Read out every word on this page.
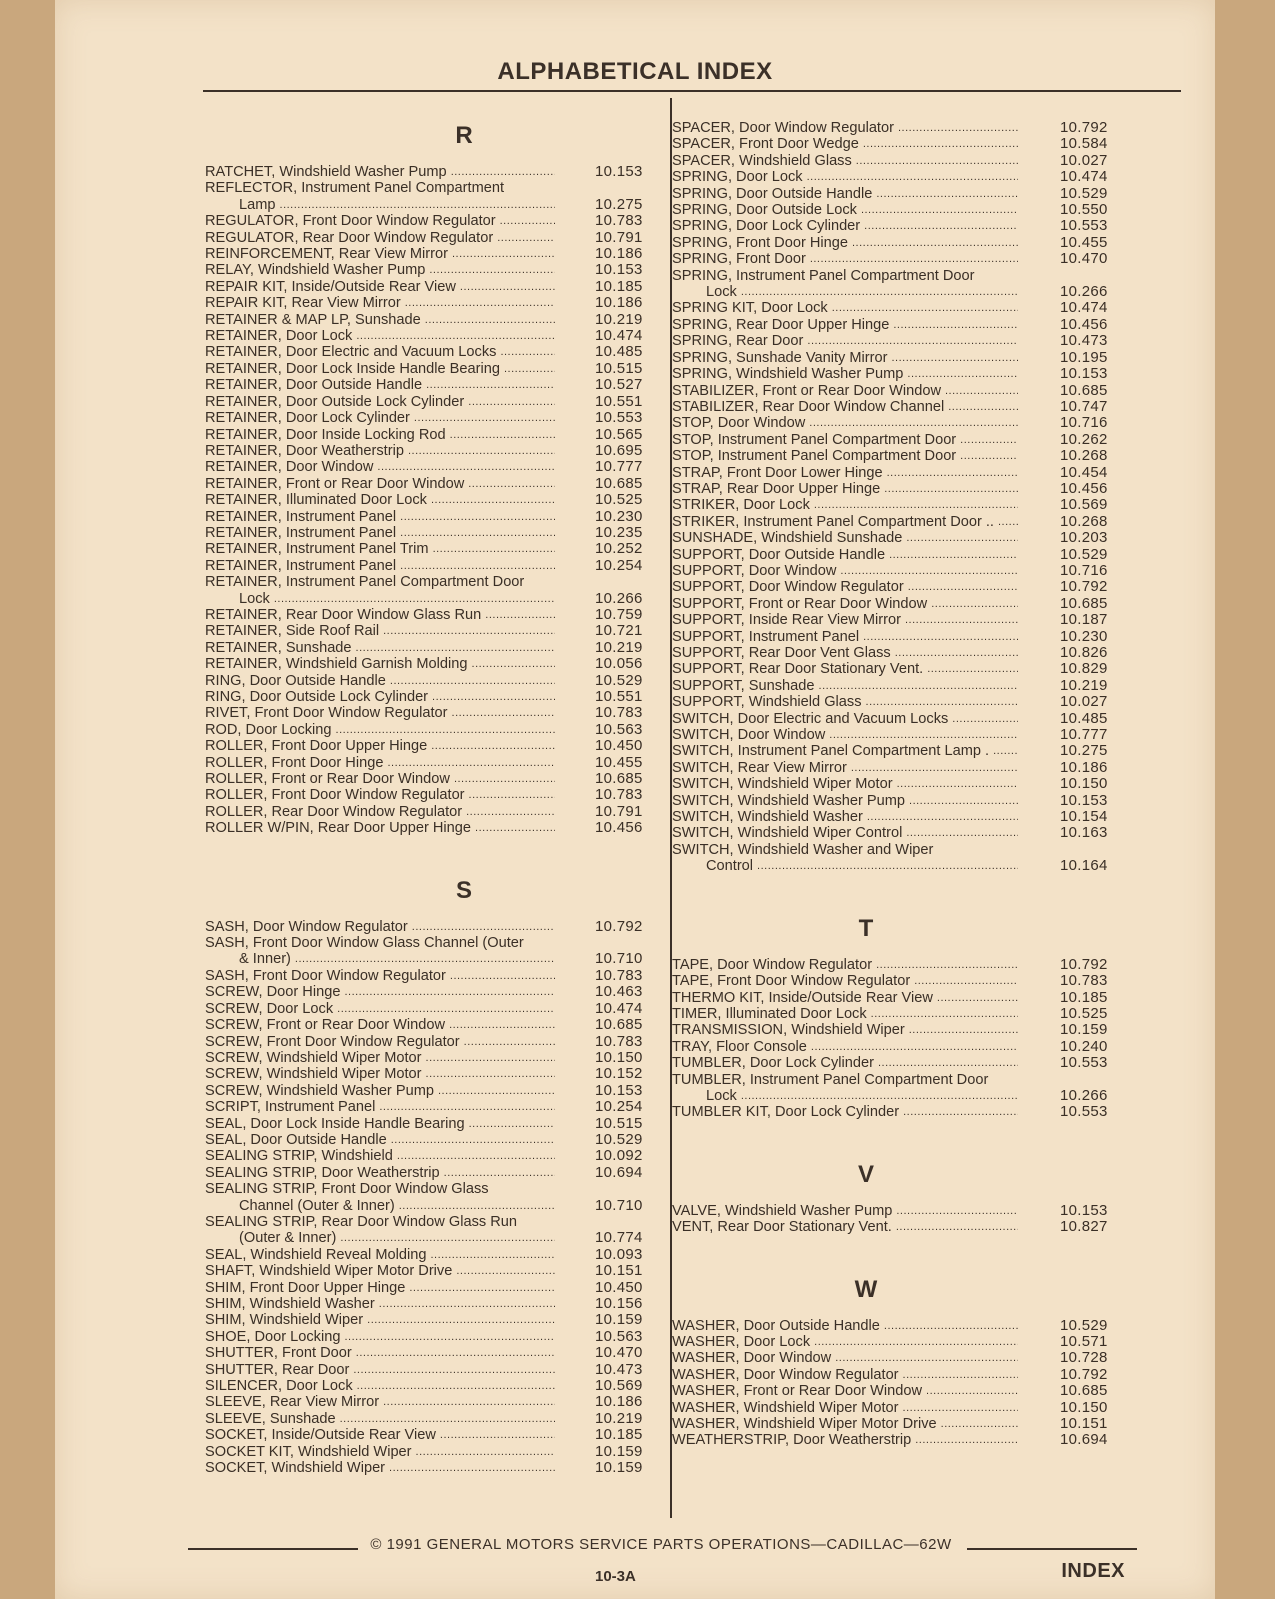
ALPHABETICAL INDEX
R
RATCHET, Windshield Washer Pump .....	10.153
REFLECTOR, Instrument Panel Compartment
Lamp .....	10.275
REGULATOR, Front Door Window Regulator .....	10.783
REGULATOR, Rear Door Window Regulator .....	10.791
REINFORCEMENT, Rear View Mirror .....	10.186
RELAY, Windshield Washer Pump .....	10.153
REPAIR KIT, Inside/Outside Rear View .....	10.185
REPAIR KIT, Rear View Mirror .....	10.186
RETAINER & MAP LP, Sunshade .....	10.219
RETAINER, Door Lock .....	10.474
RETAINER, Door Electric and Vacuum Locks .....	10.485
RETAINER, Door Lock Inside Handle Bearing .....	10.515
RETAINER, Door Outside Handle .....	10.527
RETAINER, Door Outside Lock Cylinder .....	10.551
RETAINER, Door Lock Cylinder .....	10.553
RETAINER, Door Inside Locking Rod .....	10.565
RETAINER, Door Weatherstrip .....	10.695
RETAINER, Door Window .....	10.777
RETAINER, Front or Rear Door Window .....	10.685
RETAINER, Illuminated Door Lock .....	10.525
RETAINER, Instrument Panel .....	10.230
RETAINER, Instrument Panel .....	10.235
RETAINER, Instrument Panel Trim .....	10.252
RETAINER, Instrument Panel .....	10.254
RETAINER, Instrument Panel Compartment Door
Lock .....	10.266
RETAINER, Rear Door Window Glass Run .....	10.759
RETAINER, Side Roof Rail .....	10.721
RETAINER, Sunshade .....	10.219
RETAINER, Windshield Garnish Molding .....	10.056
RING, Door Outside Handle .....	10.529
RING, Door Outside Lock Cylinder .....	10.551
RIVET, Front Door Window Regulator .....	10.783
ROD, Door Locking .....	10.563
ROLLER, Front Door Upper Hinge .....	10.450
ROLLER, Front Door Hinge .....	10.455
ROLLER, Front or Rear Door Window .....	10.685
ROLLER, Front Door Window Regulator .....	10.783
ROLLER, Rear Door Window Regulator .....	10.791
ROLLER W/PIN, Rear Door Upper Hinge .....	10.456
S
SASH, Door Window Regulator .....	10.792
SASH, Front Door Window Glass Channel (Outer
& Inner) .....	10.710
SASH, Front Door Window Regulator .....	10.783
SCREW, Door Hinge .....	10.463
SCREW, Door Lock .....	10.474
SCREW, Front or Rear Door Window .....	10.685
SCREW, Front Door Window Regulator .....	10.783
SCREW, Windshield Wiper Motor .....	10.150
SCREW, Windshield Wiper Motor .....	10.152
SCREW, Windshield Washer Pump .....	10.153
SCRIPT, Instrument Panel .....	10.254
SEAL, Door Lock Inside Handle Bearing .....	10.515
SEAL, Door Outside Handle .....	10.529
SEALING STRIP, Windshield .....	10.092
SEALING STRIP, Door Weatherstrip .....	10.694
SEALING STRIP, Front Door Window Glass
Channel (Outer & Inner) .....	10.710
SEALING STRIP, Rear Door Window Glass Run
(Outer & Inner) .....	10.774
SEAL, Windshield Reveal Molding .....	10.093
SHAFT, Windshield Wiper Motor Drive .....	10.151
SHIM, Front Door Upper Hinge .....	10.450
SHIM, Windshield Washer .....	10.156
SHIM, Windshield Wiper .....	10.159
SHOE, Door Locking .....	10.563
SHUTTER, Front Door .....	10.470
SHUTTER, Rear Door .....	10.473
SILENCER, Door Lock .....	10.569
SLEEVE, Rear View Mirror .....	10.186
SLEEVE, Sunshade .....	10.219
SOCKET, Inside/Outside Rear View .....	10.185
SOCKET KIT, Windshield Wiper .....	10.159
SOCKET, Windshield Wiper .....	10.159
SPACER, Door Window Regulator .....	10.792
SPACER, Front Door Wedge .....	10.584
SPACER, Windshield Glass .....	10.027
SPRING, Door Lock .....	10.474
SPRING, Door Outside Handle .....	10.529
SPRING, Door Outside Lock .....	10.550
SPRING, Door Lock Cylinder .....	10.553
SPRING, Front Door Hinge .....	10.455
SPRING, Front Door .....	10.470
SPRING, Instrument Panel Compartment Door
Lock .....	10.266
SPRING KIT, Door Lock .....	10.474
SPRING, Rear Door Upper Hinge .....	10.456
SPRING, Rear Door .....	10.473
SPRING, Sunshade Vanity Mirror .....	10.195
SPRING, Windshield Washer Pump .....	10.153
STABILIZER, Front or Rear Door Window .....	10.685
STABILIZER, Rear Door Window Channel .....	10.747
STOP, Door Window .....	10.716
STOP, Instrument Panel Compartment Door .....	10.262
STOP, Instrument Panel Compartment Door .....	10.268
STRAP, Front Door Lower Hinge .....	10.454
STRAP, Rear Door Upper Hinge .....	10.456
STRIKER, Door Lock .....	10.569
STRIKER, Instrument Panel Compartment Door .. .....	10.268
SUNSHADE, Windshield Sunshade .....	10.203
SUPPORT, Door Outside Handle .....	10.529
SUPPORT, Door Window .....	10.716
SUPPORT, Door Window Regulator .....	10.792
SUPPORT, Front or Rear Door Window .....	10.685
SUPPORT, Inside Rear View Mirror .....	10.187
SUPPORT, Instrument Panel .....	10.230
SUPPORT, Rear Door Vent Glass .....	10.826
SUPPORT, Rear Door Stationary Vent. .....	10.829
SUPPORT, Sunshade .....	10.219
SUPPORT, Windshield Glass .....	10.027
SWITCH, Door Electric and Vacuum Locks .....	10.485
SWITCH, Door Window .....	10.777
SWITCH, Instrument Panel Compartment Lamp . .....	10.275
SWITCH, Rear View Mirror .....	10.186
SWITCH, Windshield Wiper Motor .....	10.150
SWITCH, Windshield Washer Pump .....	10.153
SWITCH, Windshield Washer .....	10.154
SWITCH, Windshield Wiper Control .....	10.163
SWITCH, Windshield Washer and Wiper
Control .....	10.164
T
TAPE, Door Window Regulator .....	10.792
TAPE, Front Door Window Regulator .....	10.783
THERMO KIT, Inside/Outside Rear View .....	10.185
TIMER, Illuminated Door Lock .....	10.525
TRANSMISSION, Windshield Wiper .....	10.159
TRAY, Floor Console .....	10.240
TUMBLER, Door Lock Cylinder .....	10.553
TUMBLER, Instrument Panel Compartment Door
Lock .....	10.266
TUMBLER KIT, Door Lock Cylinder .....	10.553
V
VALVE, Windshield Washer Pump .....	10.153
VENT, Rear Door Stationary Vent. .....	10.827
W
WASHER, Door Outside Handle .....	10.529
WASHER, Door Lock .....	10.571
WASHER, Door Window .....	10.728
WASHER, Door Window Regulator .....	10.792
WASHER, Front or Rear Door Window .....	10.685
WASHER, Windshield Wiper Motor .....	10.150
WASHER, Windshield Wiper Motor Drive .....	10.151
WEATHERSTRIP, Door Weatherstrip .....	10.694
© 1991 GENERAL MOTORS SERVICE PARTS OPERATIONS—CADILLAC—62W
10-3A	INDEX
